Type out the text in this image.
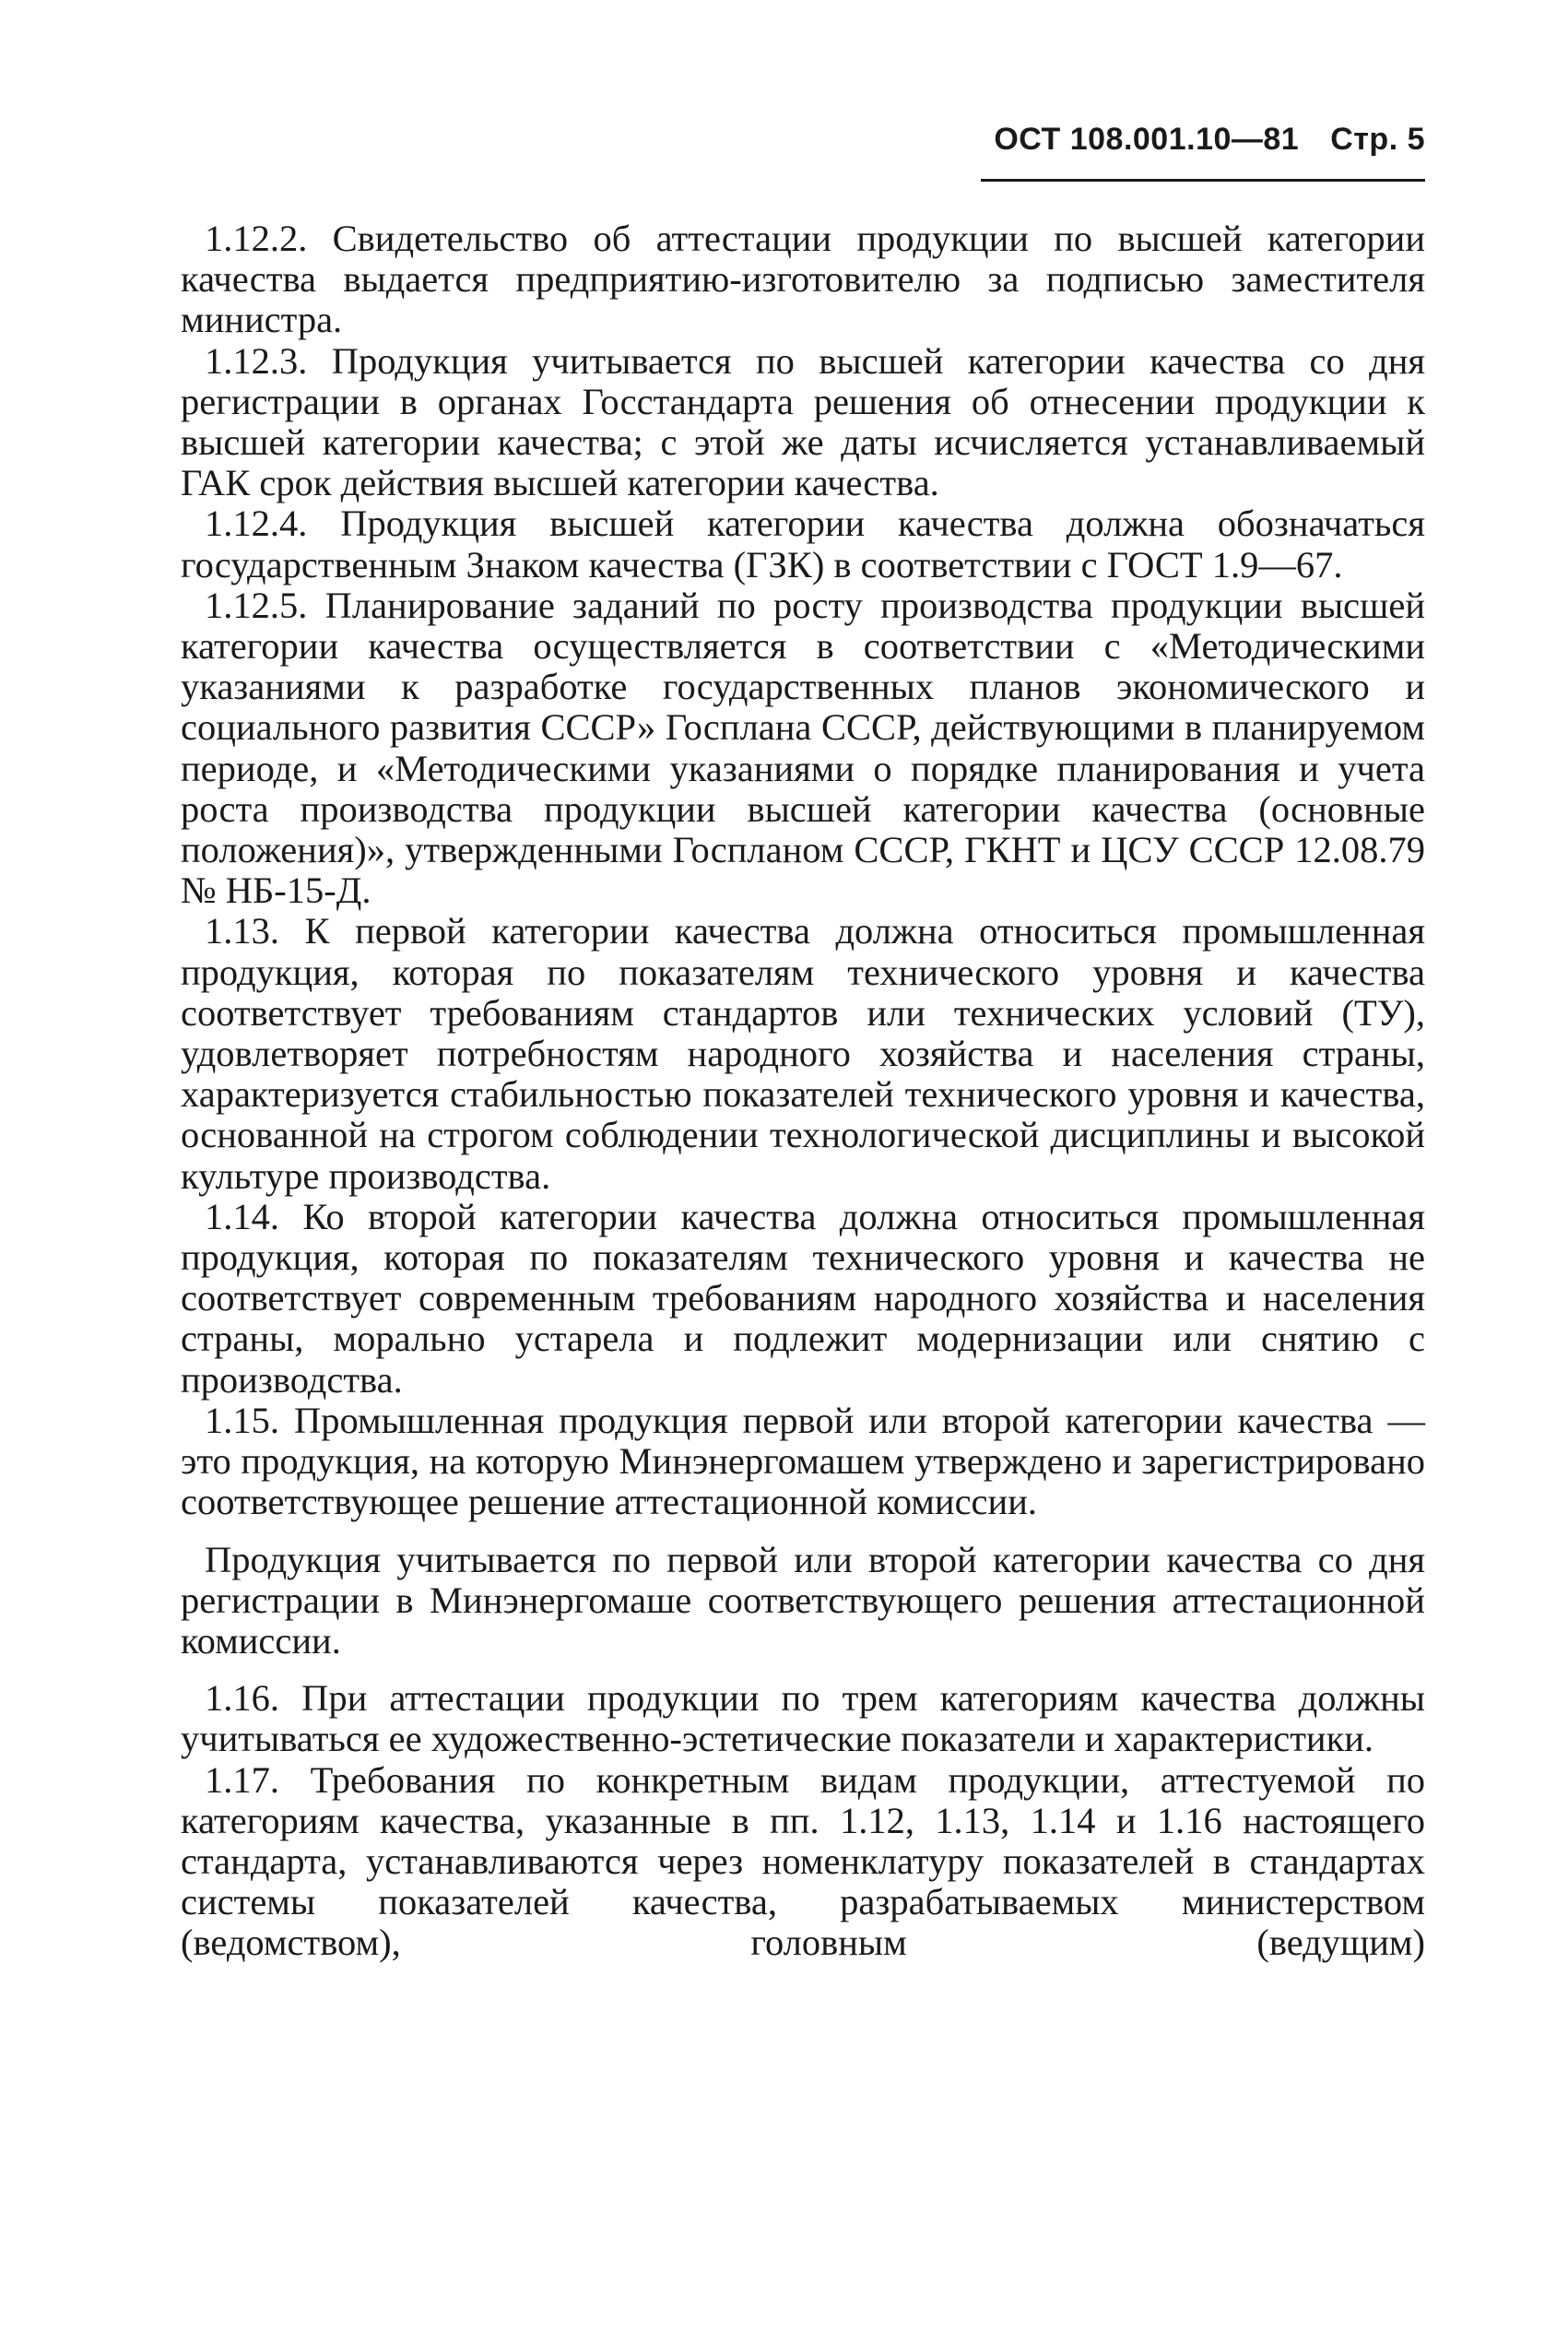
ОСТ 108.001.10—81 Стр. 5

1.12.2. Свидетельство об аттестации продукции по высшей категории качества выдается предприятию-изготовителю за подписью заместителя министра.

1.12.3. Продукция учитывается по высшей категории качества со дня регистрации в органах Госстандарта решения об отнесении продукции к высшей категории качества; с этой же даты исчисляется устанавливаемый ГАК срок действия высшей категории качества.

1.12.4. Продукция высшей категории качества должна обозначаться государственным Знаком качества (ГЗК) в соответствии с ГОСТ 1.9—67.

1.12.5. Планирование заданий по росту производства продукции высшей категории качества осуществляется в соответствии с «Методическими указаниями к разработке государственных планов экономического и социального развития СССР» Госплана СССР, действующими в планируемом периоде, и «Методическими указаниями о порядке планирования и учета роста производства продукции высшей категории качества (основные положения)», утвержденными Госпланом СССР, ГКНТ и ЦСУ СССР 12.08.79 № НБ-15-Д.

1.13. К первой категории качества должна относиться промышленная продукция, которая по показателям технического уровня и качества соответствует требованиям стандартов или технических условий (ТУ), удовлетворяет потребностям народного хозяйства и населения страны, характеризуется стабильностью показателей технического уровня и качества, основанной на строгом соблюдении технологической дисциплины и высокой культуре производства.

1.14. Ко второй категории качества должна относиться промышленная продукция, которая по показателям технического уровня и качества не соответствует современным требованиям народного хозяйства и населения страны, морально устарела и подлежит модернизации или снятию с производства.

1.15. Промышленная продукция первой или второй категории качества — это продукция, на которую Минэнергомашем утверждено и зарегистрировано соответствующее решение аттестационной комиссии.

Продукция учитывается по первой или второй категории качества со дня регистрации в Минэнергомаше соответствующего решения аттестационной комиссии.

1.16. При аттестации продукции по трем категориям качества должны учитываться ее художественно-эстетические показатели и характеристики.

1.17. Требования по конкретным видам продукции, аттестуемой по категориям качества, указанные в пп. 1.12, 1.13, 1.14 и 1.16 настоящего стандарта, устанавливаются через номенклатуру показателей в стандартах системы показателей качества, разрабатываемых министерством (ведомством), головным (ведущим)
